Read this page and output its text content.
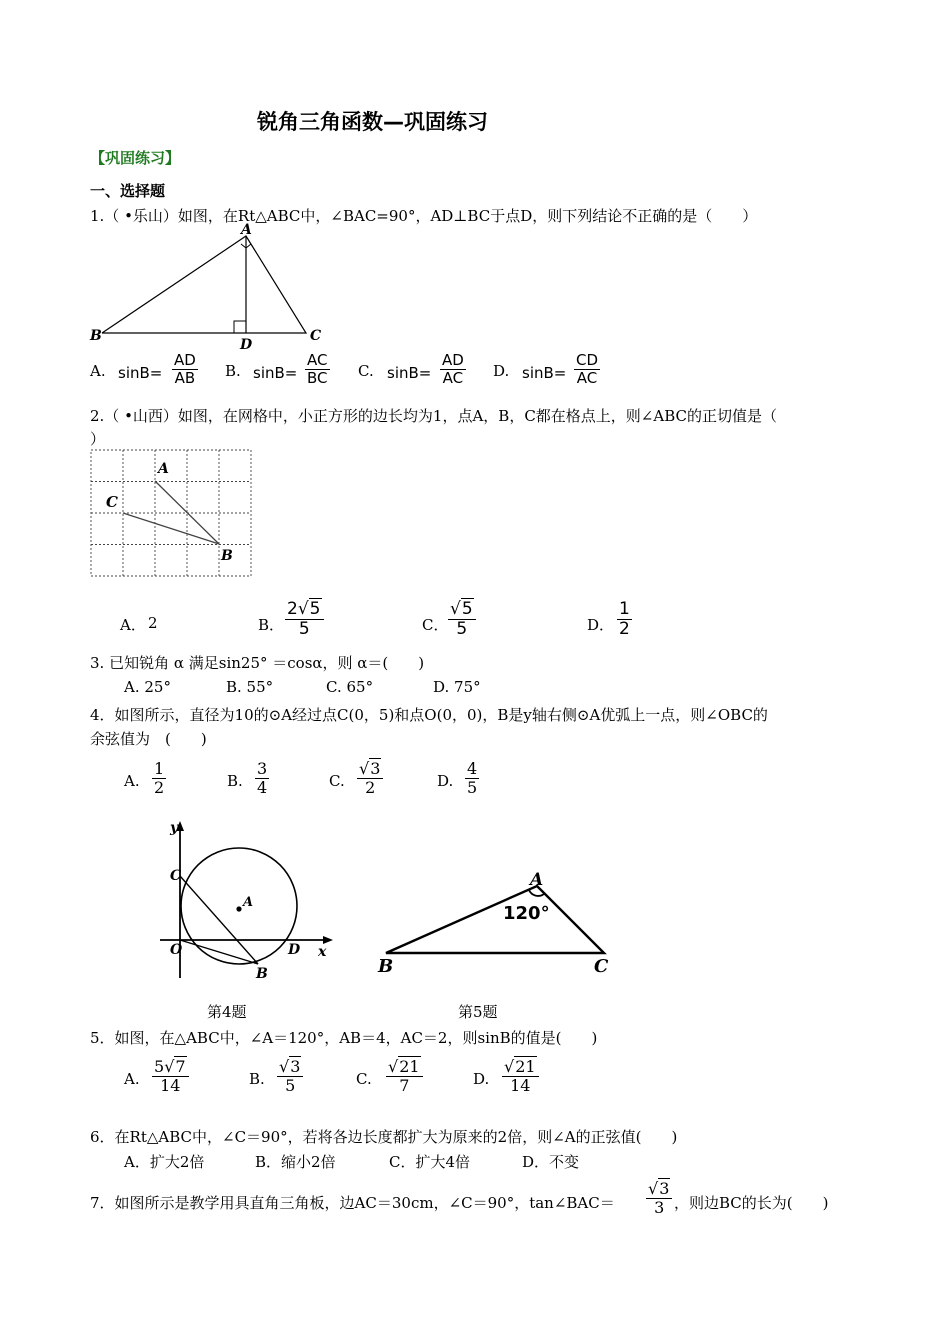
锐角三角函数—巩固练习
【巩固练习】
一、选择题
1.（ •乐山）如图，在Rt△ABC中，∠BAC=90°，AD⊥BC于点D，则下列结论不正确的是（　　）
A
B	C
D
A. $\sin B= \frac{AD}{AB} B$. $\sin B= \frac{AC}{BC} C$. $\sin B= \frac{AD}{AC} D$. $\sin B= \frac{CD}{AC}$
2.（ •山西）如图，在网格中，小正方形的边长均为1，点A，B，C都在格点上，则∠ABC的正切值是（
）
A
C
B
A． 2	B． $\frac{2√5}{5}$	C． $\frac{√5}{5}$	D． $\frac{1}{2}$
3. 已知锐角 α 满足sin25° ＝cosα，则 α＝(　　)
A. 25°	B. 55°	C. 65°	D. 75°
4．如图所示，直径为10的⊙A经过点C(0，5)和点O(0，0)，B是y轴右侧⊙A优弧上一点，则∠OBC的
余弦值为　(　　)
A. $\frac{1}{2}$	B. $\frac{3}{4}$	C. $\frac{√3}{2}$	D. $\frac{4}{5}$
y
x
C
A
O	D
B
A
120°
B	C
第4题	第5题
5．如图，在△ABC中，∠A＝120°，AB＝4，AC＝2，则sinB的值是(　　)
A. $\frac{5√7}{14}$	B. $\frac{√3}{5}$	C. $\frac{√21}{7}$	D. $\frac{√21}{14}$
6．在Rt△ABC中，∠C＝90°，若将各边长度都扩大为原来的2倍，则∠A的正弦值(　　)
A．扩大2倍	B．缩小2倍	C．扩大4倍	D．不变
7．如图所示是教学用具直角三角板，边AC＝30cm，∠C＝90°，tan∠BAC＝ $\frac{√3}{3}$ ，则边BC的长为(　　)
